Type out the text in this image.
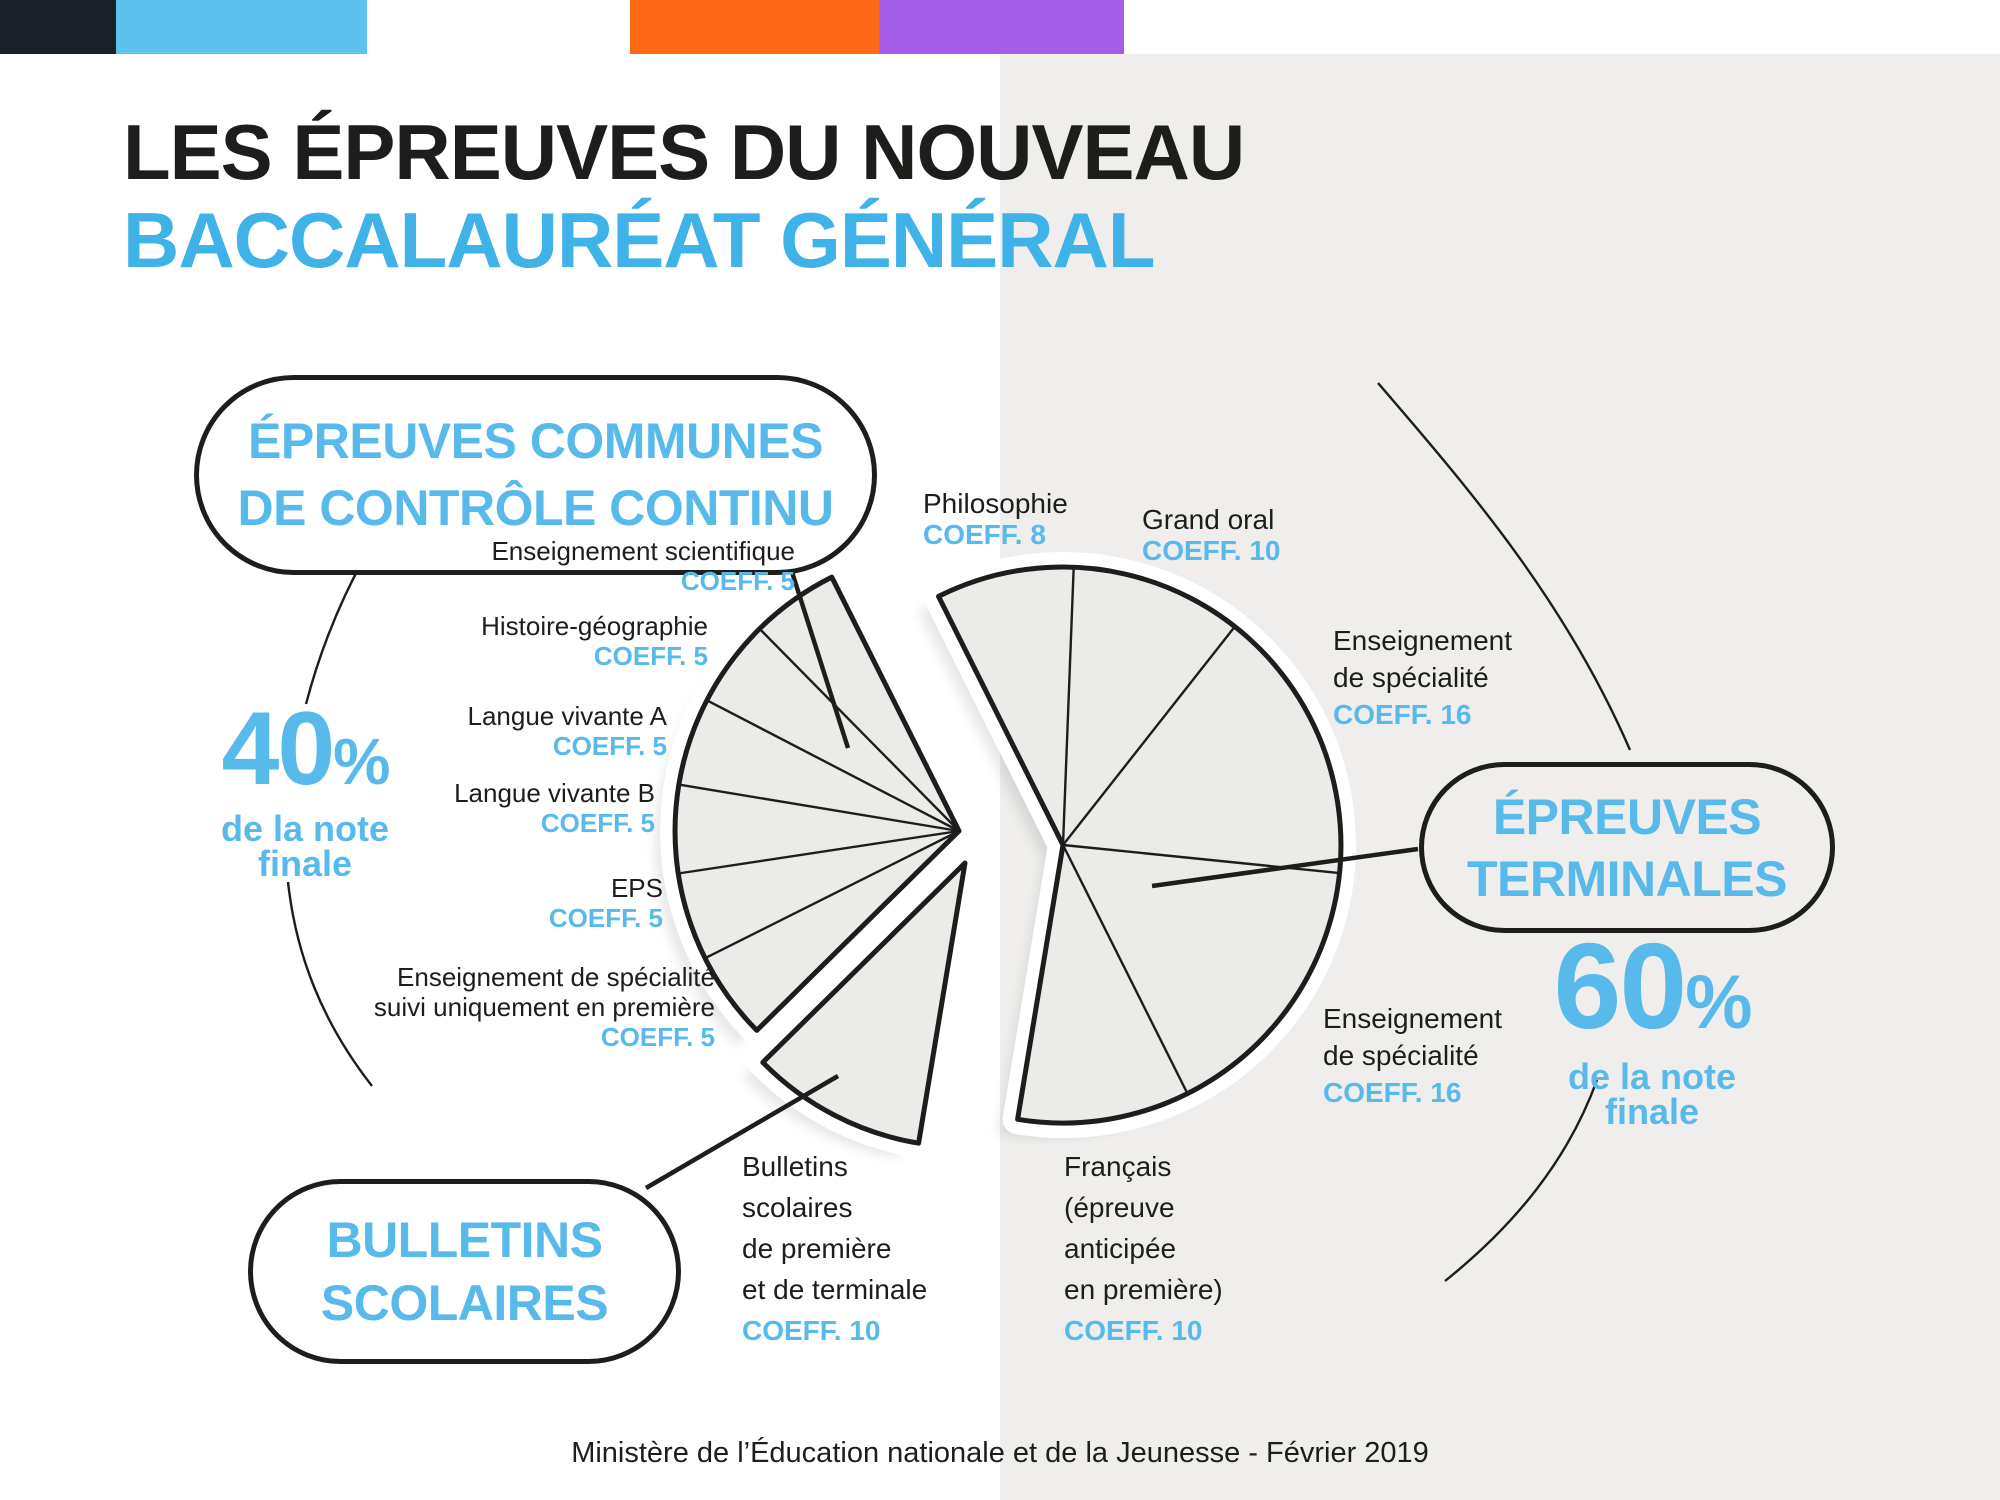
LES ÉPREUVES DU NOUVEAU
BACCALAURÉAT GÉNÉRAL
ÉPREUVES COMMUNES
DE CONTRÔLE CONTINU
ÉPREUVES
TERMINALES
BULLETINS
SCOLAIRES
40%
de la note
finale
60%
de la note
finale
Enseignement scientifique
COEFF. 5
Histoire-géographie
COEFF. 5
Langue vivante A
COEFF. 5
Langue vivante B
COEFF. 5
EPS
COEFF. 5
Enseignement de spécialité
suivi uniquement en première
COEFF. 5
Philosophie
COEFF. 8	Grand oral
COEFF. 10
Enseignement
de spécialité
COEFF. 16
Enseignement
de spécialité
COEFF. 16
Français
(épreuve
anticipée
en première)
COEFF. 10
Bulletins
scolaires
de première
et de terminale
COEFF. 10
Ministère de l’Éducation nationale et de la Jeunesse - Février 2019
